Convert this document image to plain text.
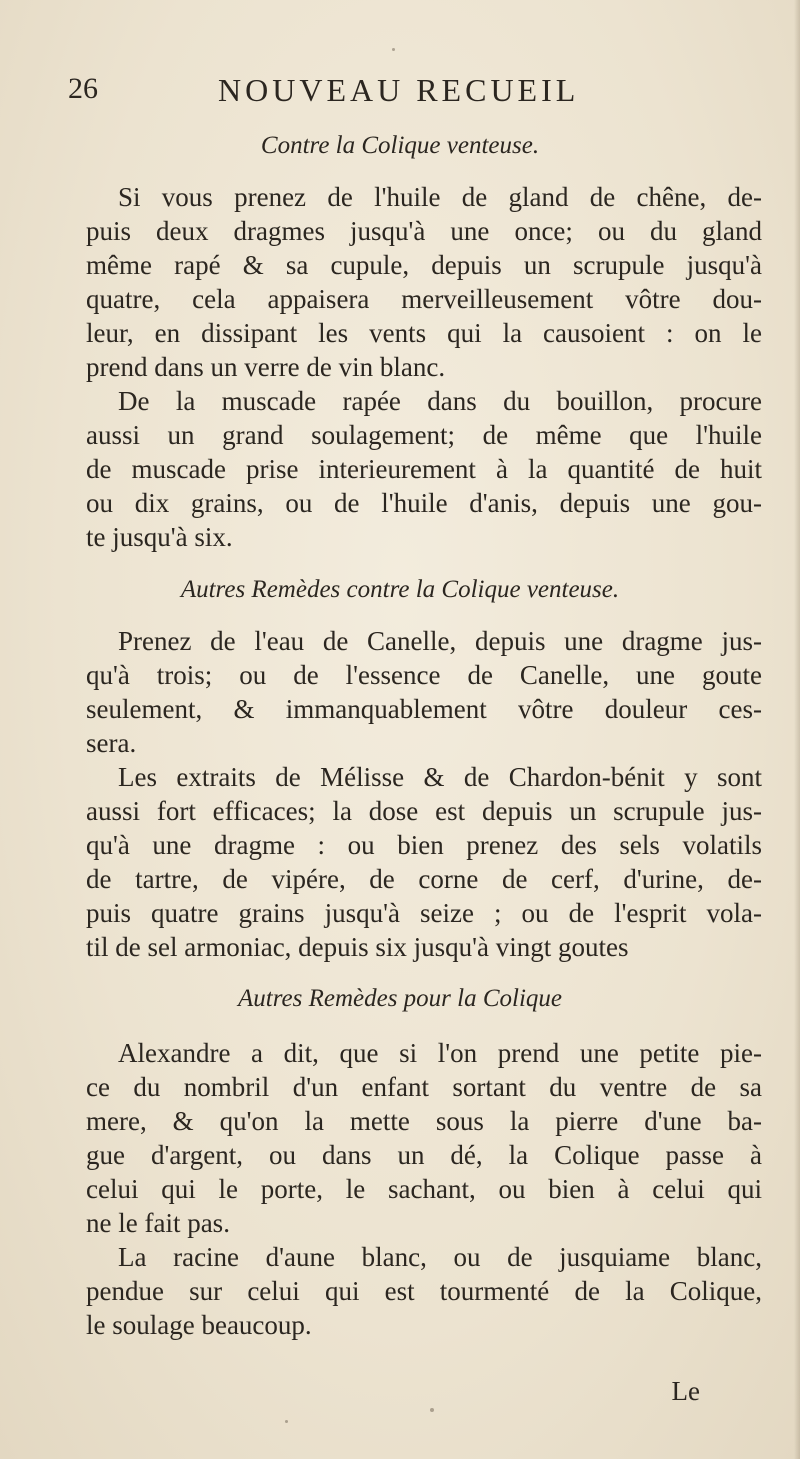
26	NOUVEAU RECUEIL
Contre la Colique venteuse.
Si vous prenez de l'huile de gland de chêne, de-
puis deux dragmes jusqu'à une once; ou du gland
même rapé & sa cupule, depuis un scrupule jusqu'à
quatre, cela appaisera merveilleusement vôtre dou-
leur, en dissipant les vents qui la causoient : on le
prend dans un verre de vin blanc.
De la muscade rapée dans du bouillon, procure
aussi un grand soulagement; de même que l'huile
de muscade prise interieurement à la quantité de huit
ou dix grains, ou de l'huile d'anis, depuis une gou-
te jusqu'à six.
Autres Remèdes contre la Colique venteuse.
Prenez de l'eau de Canelle, depuis une dragme jus-
qu'à trois; ou de l'essence de Canelle, une goute
seulement, & immanquablement vôtre douleur ces-
sera.
Les extraits de Mélisse & de Chardon-bénit y sont
aussi fort efficaces; la dose est depuis un scrupule jus-
qu'à une dragme : ou bien prenez des sels volatils
de tartre, de vipére, de corne de cerf, d'urine, de-
puis quatre grains jusqu'à seize ; ou de l'esprit vola-
til de sel armoniac, depuis six jusqu'à vingt goutes
Autres Remèdes pour la Colique
Alexandre a dit, que si l'on prend une petite pie-
ce du nombril d'un enfant sortant du ventre de sa
mere, & qu'on la mette sous la pierre d'une ba-
gue d'argent, ou dans un dé, la Colique passe à
celui qui le porte, le sachant, ou bien à celui qui
ne le fait pas.
La racine d'aune blanc, ou de jusquiame blanc,
pendue sur celui qui est tourmenté de la Colique,
le soulage beaucoup.
Le
